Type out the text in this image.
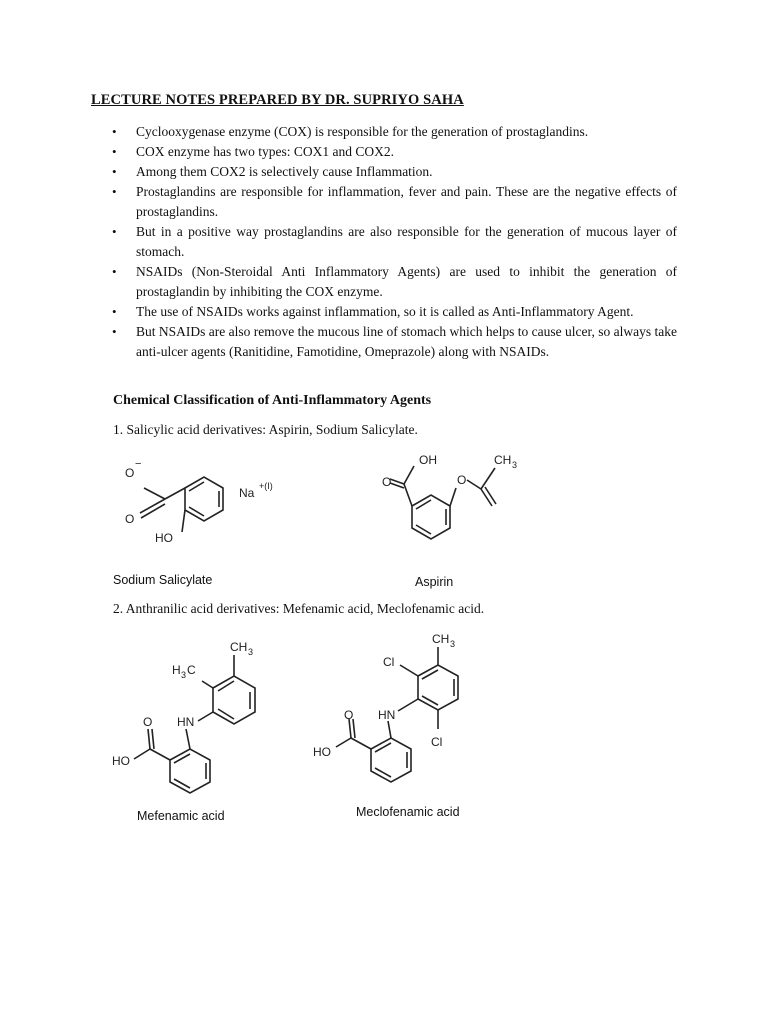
LECTURE NOTES PREPARED BY DR. SUPRIYO SAHA
• Cyclooxygenase enzyme (COX) is responsible for the generation of prostaglandins.
• COX enzyme has two types: COX1 and COX2.
• Among them COX2 is selectively cause Inflammation.
• Prostaglandins are responsible for inflammation, fever and pain. These are the negative effects of prostaglandins.
• But in a positive way prostaglandins are also responsible for the generation of mucous layer of stomach.
• NSAIDs (Non-Steroidal Anti Inflammatory Agents) are used to inhibit the generation of prostaglandin by inhibiting the COX enzyme.
• The use of NSAIDs works against inflammation, so it is called as Anti-Inflammatory Agent.
• But NSAIDs are also remove the mucous line of stomach which helps to cause ulcer, so always take anti-ulcer agents (Ranitidine, Famotidine, Omeprazole) along with NSAIDs.
Chemical Classification of Anti-Inflammatory Agents
1. Salicylic acid derivatives: Aspirin, Sodium Salicylate.
O
−
O
HO
Na +(I)
Sodium Salicylate
OH
O	O
CH 3
Aspirin
2. Anthranilic acid derivatives: Mefenamic acid, Meclofenamic acid.
CH 3
H 3 C
HN
O
HO
Mefenamic acid
CH 3
Cl
Cl
HN
O
HO
Meclofenamic acid
